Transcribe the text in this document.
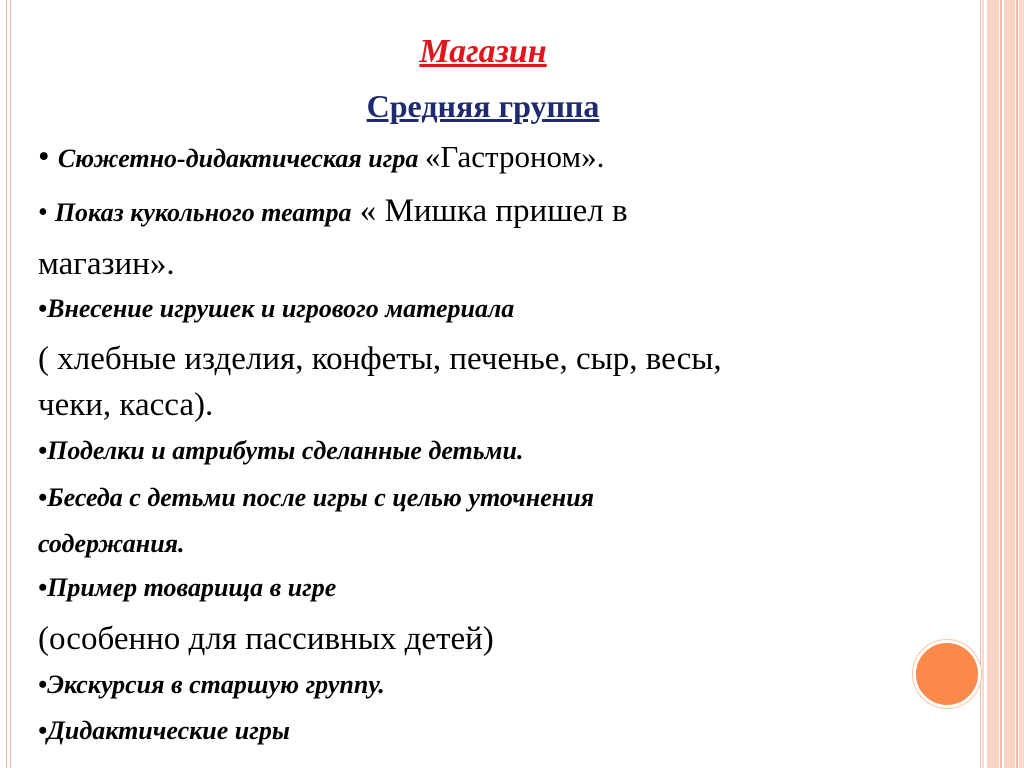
Магазин
Средняя группа

• Сюжетно-дидактическая игра «Гастроном».

• Показ кукольного театра « Мишка пришел в

магазин».

•Внесение игрушек и игрового материала

( хлебные изделия, конфеты, печенье, сыр, весы,

чеки, касса).

•Поделки и атрибуты сделанные детьми.

•Беседа с детьми после игры с целью уточнения

содержания.

•Пример товарища в игре

(особенно для пассивных детей)

•Экскурсия в старшую группу.

•Дидактические игры
